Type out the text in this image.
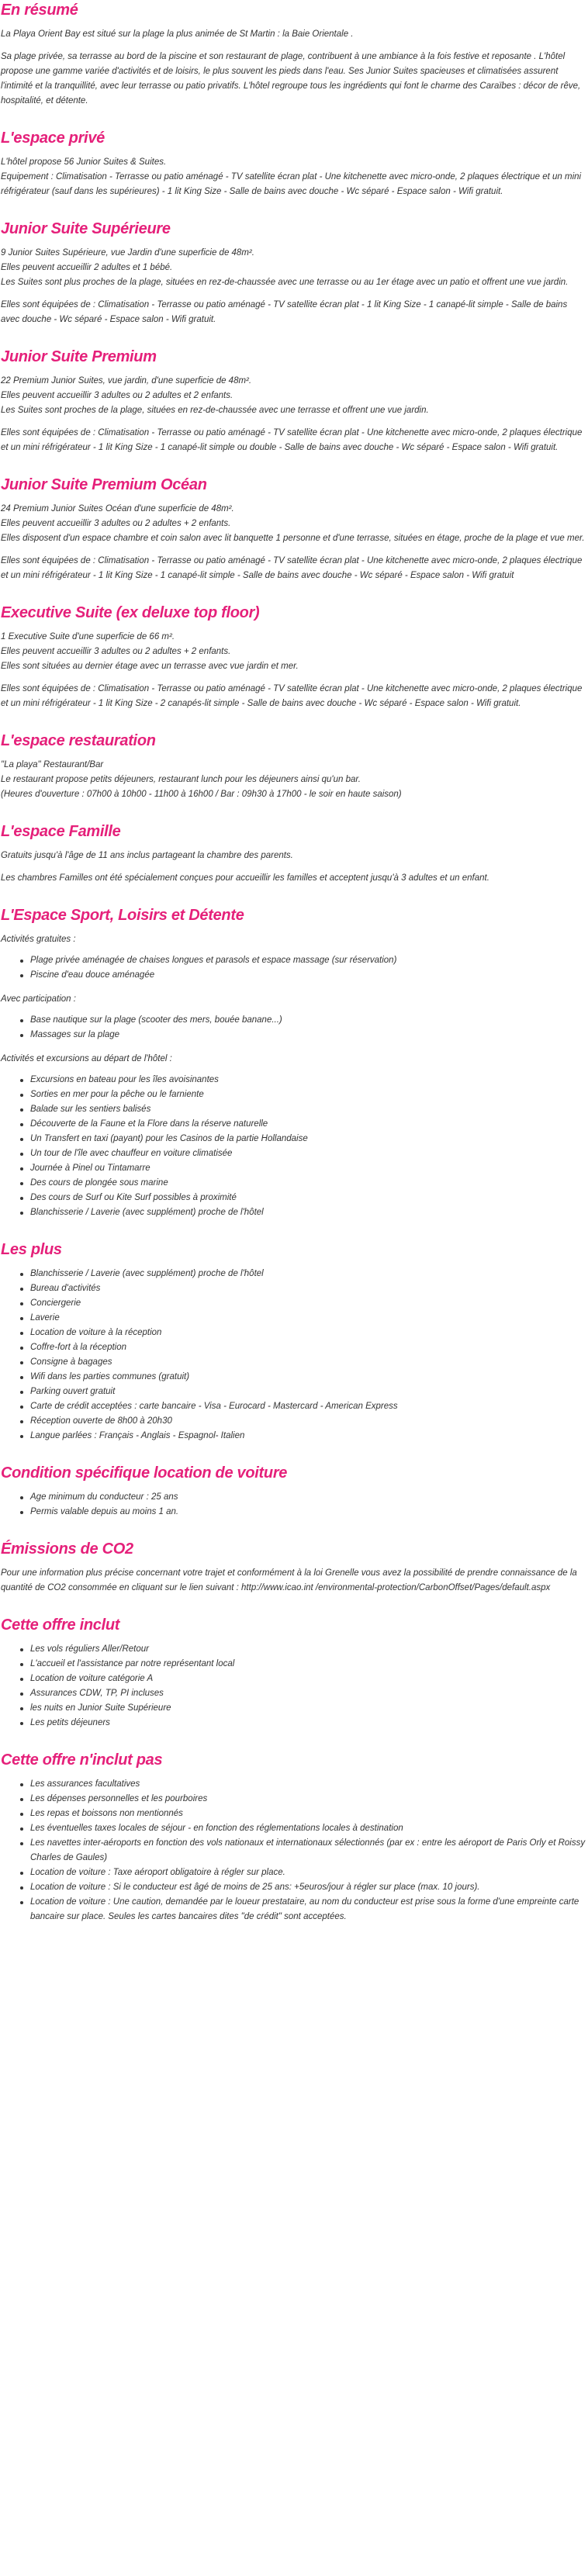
En résumé

La Playa Orient Bay est situé sur la plage la plus animée de St Martin : la Baie Orientale .

Sa plage privée, sa terrasse au bord de la piscine et son restaurant de plage, contribuent à une ambiance à la fois festive et reposante . L'hôtel propose une gamme variée d'activités et de loisirs, le plus souvent les pieds dans l'eau. Ses Junior Suites spacieuses et climatisées assurent l'intimité et la tranquillité, avec leur terrasse ou patio privatifs. L'hôtel regroupe tous les ingrédients qui font le charme des Caraïbes : décor de rêve, hospitalité, et détente.

L'espace privé
L'hôtel propose 56 Junior Suites & Suites.
Equipement : Climatisation - Terrasse ou patio aménagé - TV satellite écran plat - Une kitchenette avec micro-onde, 2 plaques électrique et un mini réfrigérateur (sauf dans les supérieures) - 1 lit King Size - Salle de bains avec douche - Wc séparé - Espace salon - Wifi gratuit.
Junior Suite Supérieure
9 Junior Suites Supérieure, vue Jardin d'une superficie de 48m².
Elles peuvent accueillir 2 adultes et 1 bébé.
Les Suites sont plus proches de la plage, situées en rez-de-chaussée avec une terrasse ou au 1er étage avec un patio et offrent une vue jardin.

Elles sont équipées de : Climatisation - Terrasse ou patio aménagé - TV satellite écran plat - 1 lit King Size - 1 canapé-lit simple - Salle de bains avec douche - Wc séparé - Espace salon - Wifi gratuit.

Junior Suite Premium
22 Premium Junior Suites, vue jardin, d'une superficie de 48m².
Elles peuvent accueillir 3 adultes ou 2 adultes et 2 enfants.
Les Suites sont proches de la plage, situées en rez-de-chaussée avec une terrasse et offrent une vue jardin.

Elles sont équipées de : Climatisation - Terrasse ou patio aménagé - TV satellite écran plat - Une kitchenette avec micro-onde, 2 plaques électrique et un mini réfrigérateur - 1 lit King Size - 1 canapé-lit simple ou double - Salle de bains avec douche - Wc séparé - Espace salon - Wifi gratuit.

Junior Suite Premium Océan
24 Premium Junior Suites Océan d'une superficie de 48m².
Elles peuvent accueillir 3 adultes ou 2 adultes + 2 enfants.
Elles disposent d'un espace chambre et coin salon avec lit banquette 1 personne et d'une terrasse, situées en étage, proche de la plage et vue mer.

Elles sont équipées de : Climatisation - Terrasse ou patio aménagé - TV satellite écran plat - Une kitchenette avec micro-onde, 2 plaques électrique et un mini réfrigérateur - 1 lit King Size - 1 canapé-lit simple - Salle de bains avec douche - Wc séparé - Espace salon - Wifi gratuit

Executive Suite (ex deluxe top floor)
1 Executive Suite d'une superficie de 66 m².
Elles peuvent accueillir 3 adultes ou 2 adultes + 2 enfants.
Elles sont situées au dernier étage avec un terrasse avec vue jardin et mer.

Elles sont équipées de : Climatisation - Terrasse ou patio aménagé - TV satellite écran plat - Une kitchenette avec micro-onde, 2 plaques électrique et un mini réfrigérateur - 1 lit King Size - 2 canapés-lit simple - Salle de bains avec douche - Wc séparé - Espace salon - Wifi gratuit.

L'espace restauration
"La playa" Restaurant/Bar
Le restaurant propose petits déjeuners, restaurant lunch pour les déjeuners ainsi qu'un bar.
(Heures d'ouverture : 07h00 à 10h00 - 11h00 à 16h00 / Bar : 09h30 à 17h00 - le soir en haute saison)
L'espace Famille

Gratuits jusqu'à l'âge de 11 ans inclus partageant la chambre des parents.

Les chambres Familles ont été spécialement conçues pour accueillir les familles et acceptent jusqu'à 3 adultes et un enfant.

L'Espace Sport, Loisirs et Détente

Activités gratuites :

Plage privée aménagée de chaises longues et parasols et espace massage (sur réservation)
Piscine d'eau douce aménagée

Avec participation :

Base nautique sur la plage (scooter des mers, bouée banane...)
Massages sur la plage

Activités et excursions au départ de l'hôtel :

Excursions en bateau pour les îles avoisinantes
Sorties en mer pour la pêche ou le farniente
Balade sur les sentiers balisés
Découverte de la Faune et la Flore dans la réserve naturelle
Un Transfert en taxi (payant) pour les Casinos de la partie Hollandaise
Un tour de l'île avec chauffeur en voiture climatisée
Journée à Pinel ou Tintamarre
Des cours de plongée sous marine
Des cours de Surf ou Kite Surf possibles à proximité
Blanchisserie / Laverie (avec supplément) proche de l'hôtel
Les plus
Blanchisserie / Laverie (avec supplément) proche de l'hôtel
Bureau d'activités
Conciergerie
Laverie
Location de voiture à la réception
Coffre-fort à la réception
Consigne à bagages
Wifi dans les parties communes (gratuit)
Parking ouvert gratuit
Carte de crédit acceptées : carte bancaire - Visa - Eurocard - Mastercard - American Express
Réception ouverte de 8h00 à 20h30
Langue parlées : Français - Anglais - Espagnol- Italien
Condition spécifique location de voiture
Age minimum du conducteur : 25 ans
Permis valable depuis au moins 1 an.
Émissions de CO2

Pour une information plus précise concernant votre trajet et conformément à la loi Grenelle vous avez la possibilité de prendre connaissance de la quantité de CO2 consommée en cliquant sur le lien suivant : http://www.icao.int /environmental-protection/CarbonOffset/Pages/default.aspx

Cette offre inclut
Les vols réguliers Aller/Retour
L'accueil et l'assistance par notre représentant local
Location de voiture catégorie A
Assurances CDW, TP, PI incluses
les nuits en Junior Suite Supérieure
Les petits déjeuners
Cette offre n'inclut pas
Les assurances facultatives
Les dépenses personnelles et les pourboires
Les repas et boissons non mentionnés
Les éventuelles taxes locales de séjour - en fonction des réglementations locales à destination
Les navettes inter-aéroports en fonction des vols nationaux et internationaux sélectionnés (par ex : entre les aéroport de Paris Orly et Roissy Charles de Gaules)
Location de voiture : Taxe aéroport obligatoire à régler sur place.
Location de voiture : Si le conducteur est âgé de moins de 25 ans: +5euros/jour à régler sur place (max. 10 jours).
Location de voiture : Une caution, demandée par le loueur prestataire, au nom du conducteur est prise sous la forme d'une empreinte carte bancaire sur place. Seules les cartes bancaires dites "de crédit" sont acceptées.
